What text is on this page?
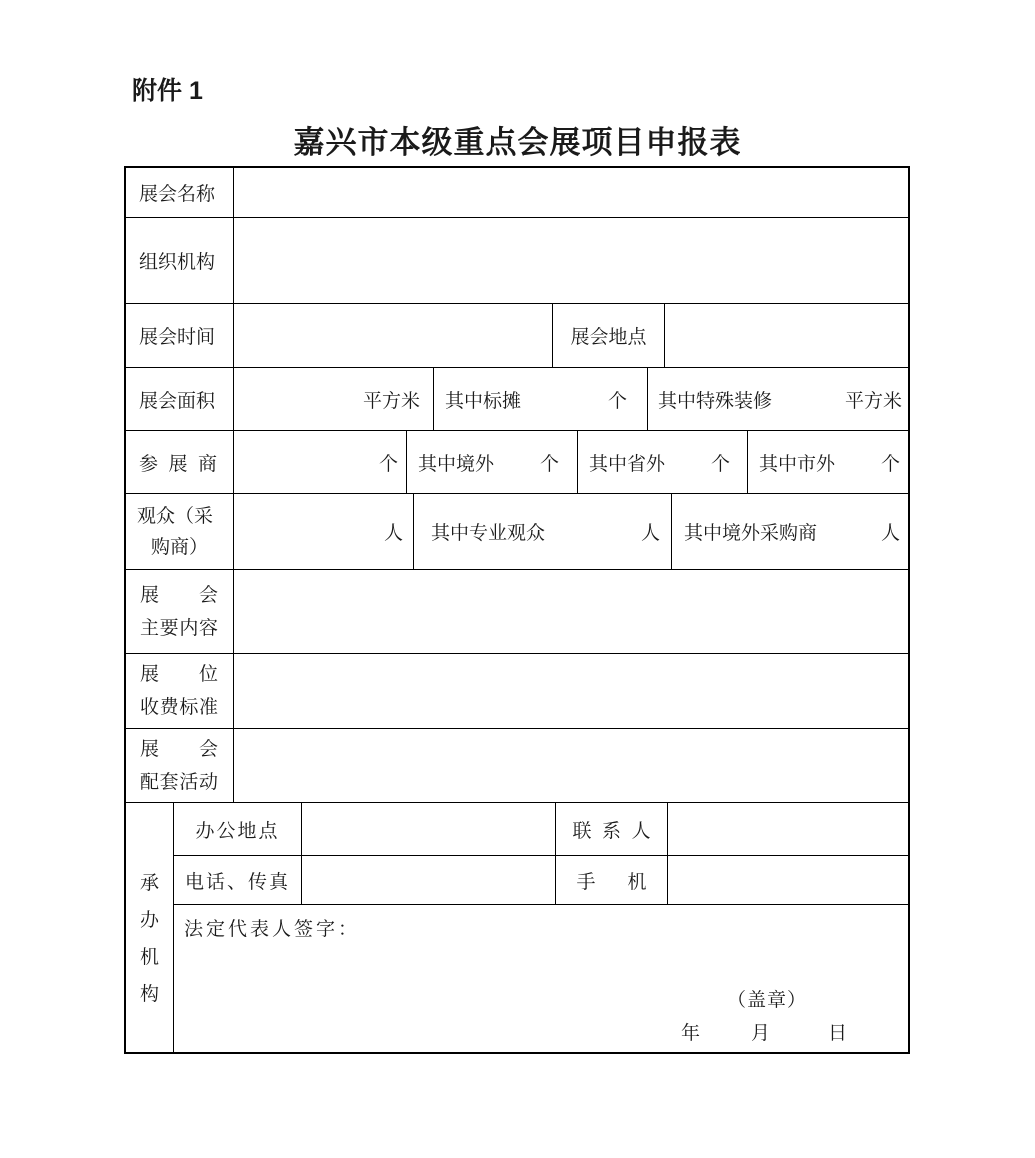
附件 1
嘉兴市本级重点会展项目申报表
展会名称
组织机构
展会时间	展会地点
展会面积	平方米 其中标摊	个 其中特殊装修	平方米
参展商	个 其中境外 个 其中省外 个 其中市外 个
观众（采
购商）
人 其中专业观众	人 其中境外采购商	人
展会
主要内容
展位
收费标准
展会
配套活动
承
办
机
构
办公地点	联系人
电话、传真	手机
法定代表人签字：
（盖章）
年	月	日
